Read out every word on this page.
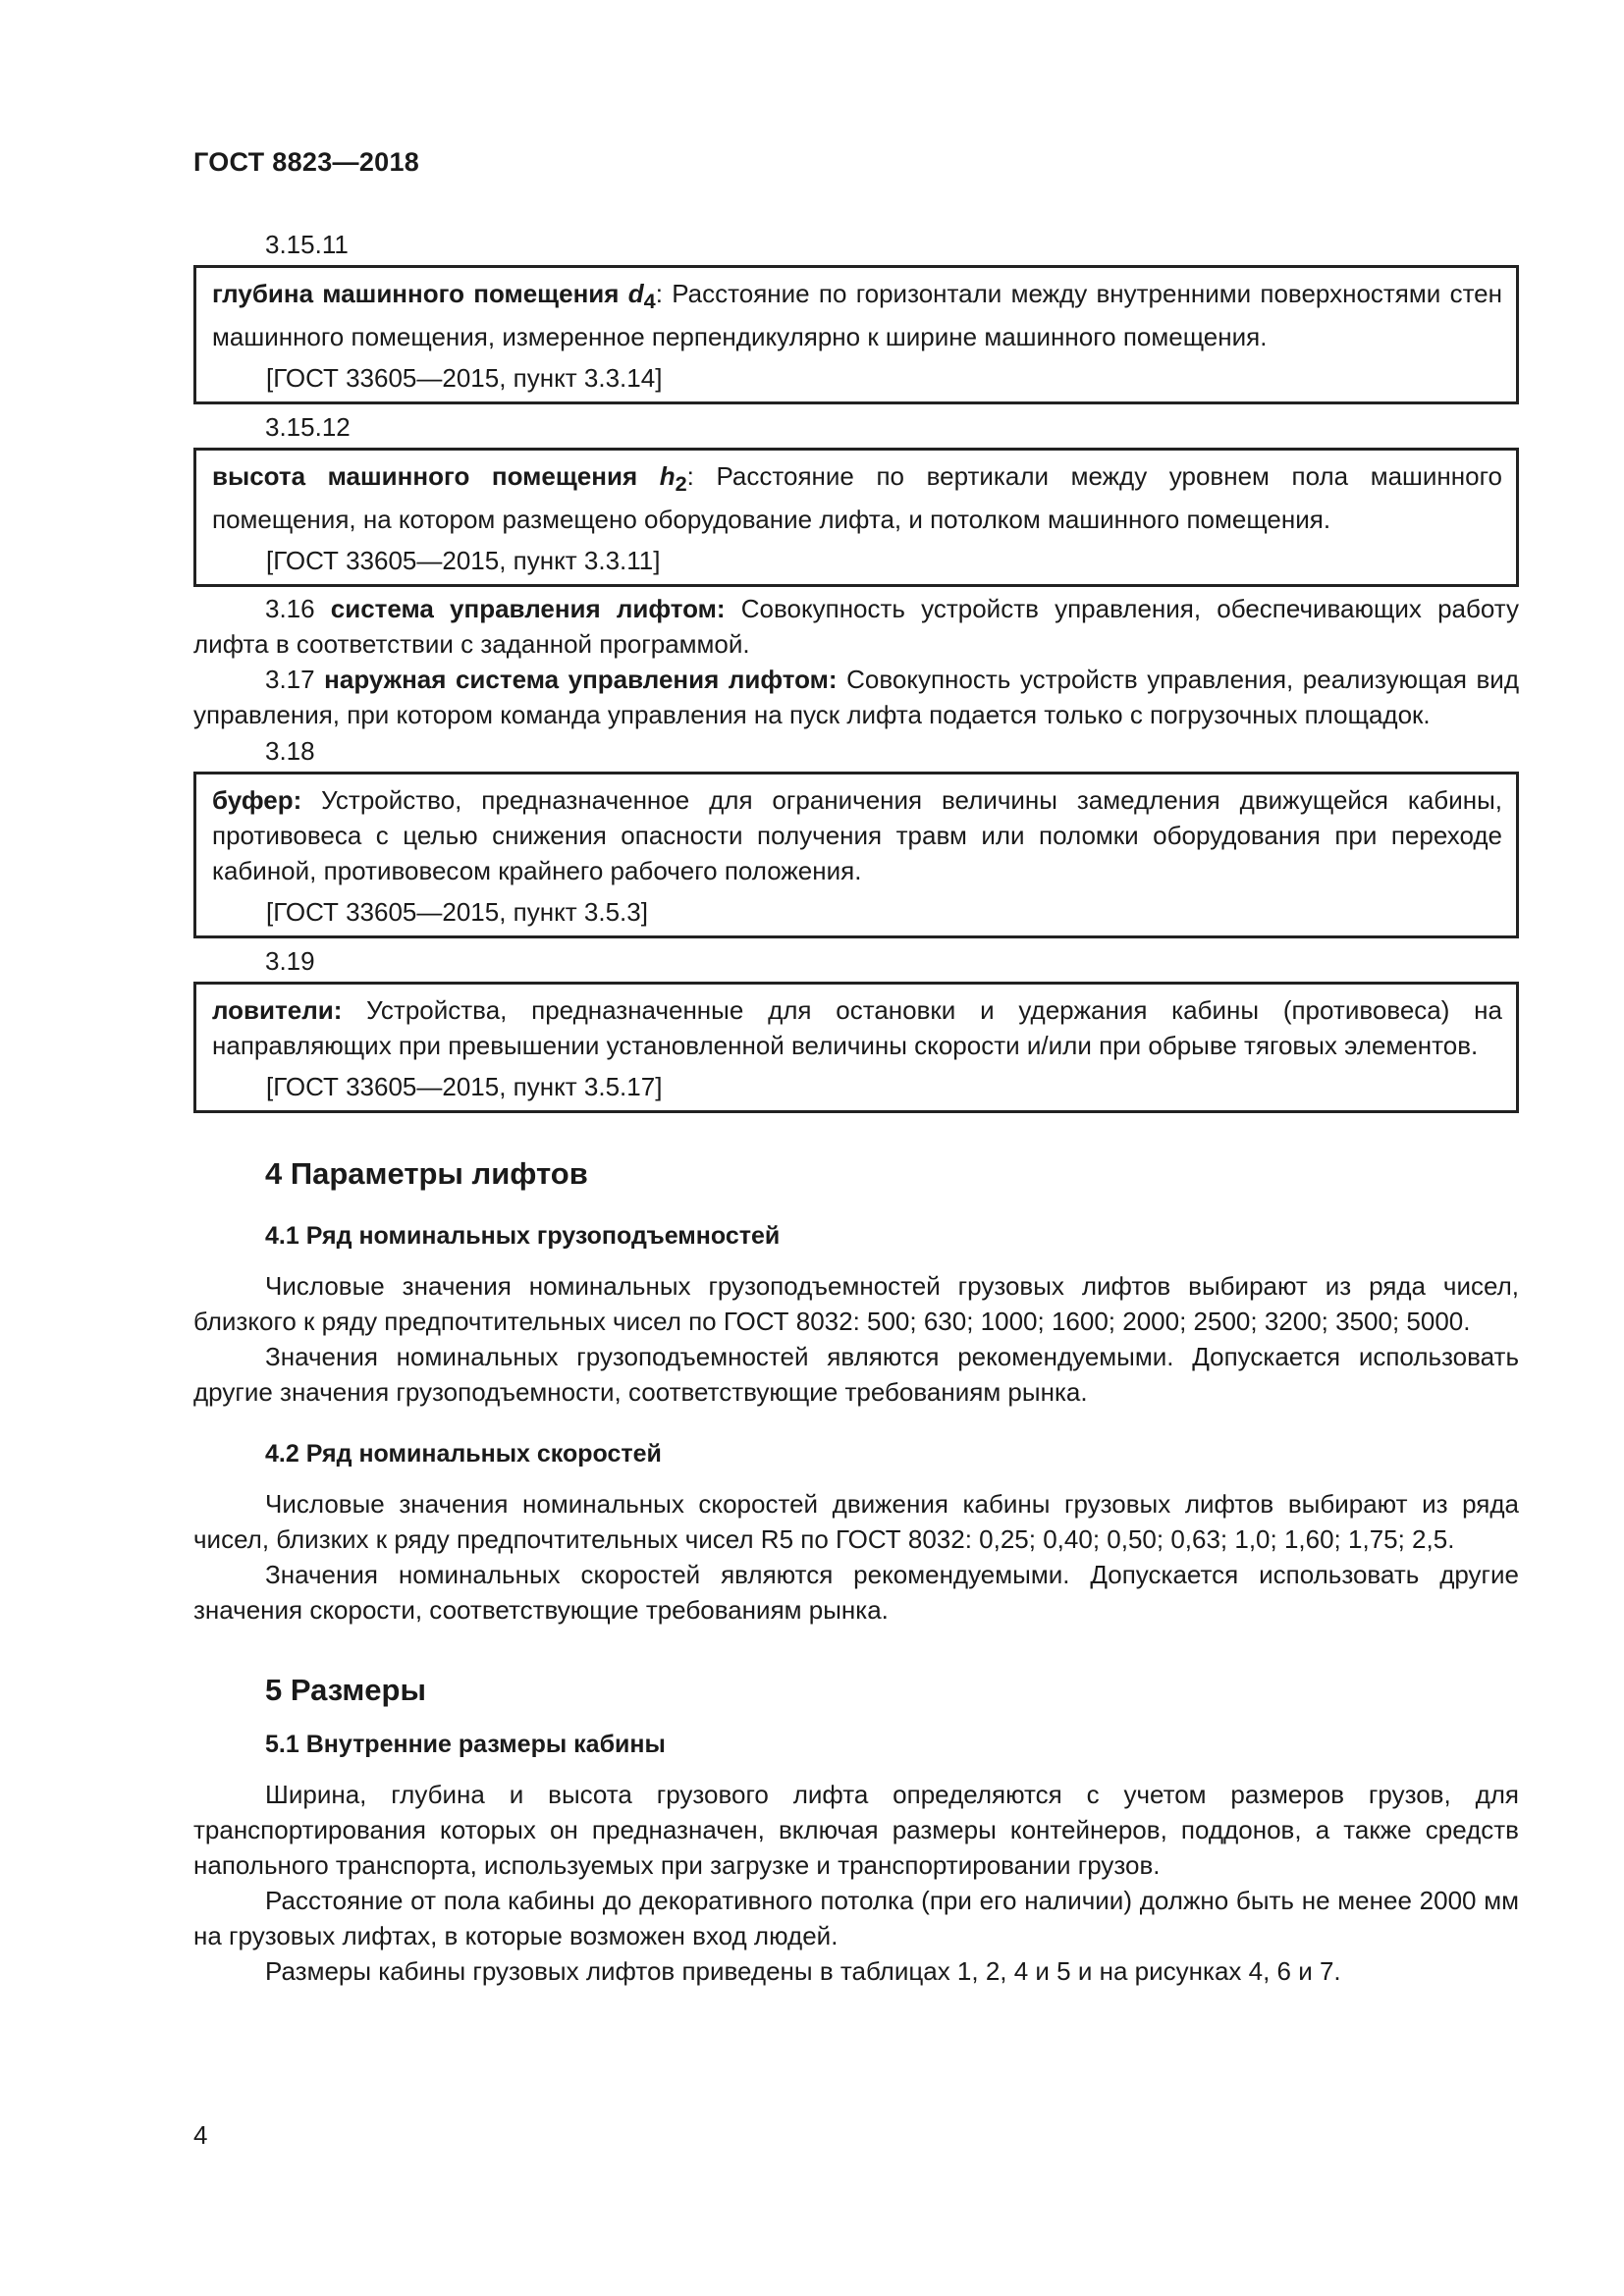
ГОСТ 8823—2018
3.15.11

глубина машинного помещения $d_4$: Расстояние по горизонтали между внутренними поверхностями стен машинного помещения, измеренное перпендикулярно к ширине машинного помещения.

[ГОСТ 33605—2015, пункт 3.3.14]

3.15.12

высота машинного помещения $h_2$: Расстояние по вертикали между уровнем пола машинного помещения, на котором размещено оборудование лифта, и потолком машинного помещения.

[ГОСТ 33605—2015, пункт 3.3.11]

3.16 система управления лифтом: Совокупность устройств управления, обеспечивающих работу лифта в соответствии с заданной программой.

3.17 наружная система управления лифтом: Совокупность устройств управления, реализующая вид управления, при котором команда управления на пуск лифта подается только с погрузочных площадок.

3.18

буфер: Устройство, предназначенное для ограничения величины замедления движущейся кабины, противовеса с целью снижения опасности получения травм или поломки оборудования при переходе кабиной, противовесом крайнего рабочего положения.

[ГОСТ 33605—2015, пункт 3.5.3]

3.19

ловители: Устройства, предназначенные для остановки и удержания кабины (противовеса) на направляющих при превышении установленной величины скорости и/или при обрыве тяговых элементов.

[ГОСТ 33605—2015, пункт 3.5.17]

4 Параметры лифтов
4.1 Ряд номинальных грузоподъемностей

Числовые значения номинальных грузоподъемностей грузовых лифтов выбирают из ряда чисел, близкого к ряду предпочтительных чисел по ГОСТ 8032: 500; 630; 1000; 1600; 2000; 2500; 3200; 3500; 5000.

Значения номинальных грузоподъемностей являются рекомендуемыми. Допускается использовать другие значения грузоподъемности, соответствующие требованиям рынка.

4.2 Ряд номинальных скоростей

Числовые значения номинальных скоростей движения кабины грузовых лифтов выбирают из ряда чисел, близких к ряду предпочтительных чисел R5 по ГОСТ 8032: 0,25; 0,40; 0,50; 0,63; 1,0; 1,60; 1,75; 2,5.

Значения номинальных скоростей являются рекомендуемыми. Допускается использовать другие значения скорости, соответствующие требованиям рынка.

5 Размеры
5.1 Внутренние размеры кабины

Ширина, глубина и высота грузового лифта определяются с учетом размеров грузов, для транспортирования которых он предназначен, включая размеры контейнеров, поддонов, а также средств напольного транспорта, используемых при загрузке и транспортировании грузов.

Расстояние от пола кабины до декоративного потолка (при его наличии) должно быть не менее 2000 мм на грузовых лифтах, в которые возможен вход людей.

Размеры кабины грузовых лифтов приведены в таблицах 1, 2, 4 и 5 и на рисунках 4, 6 и 7.

4
